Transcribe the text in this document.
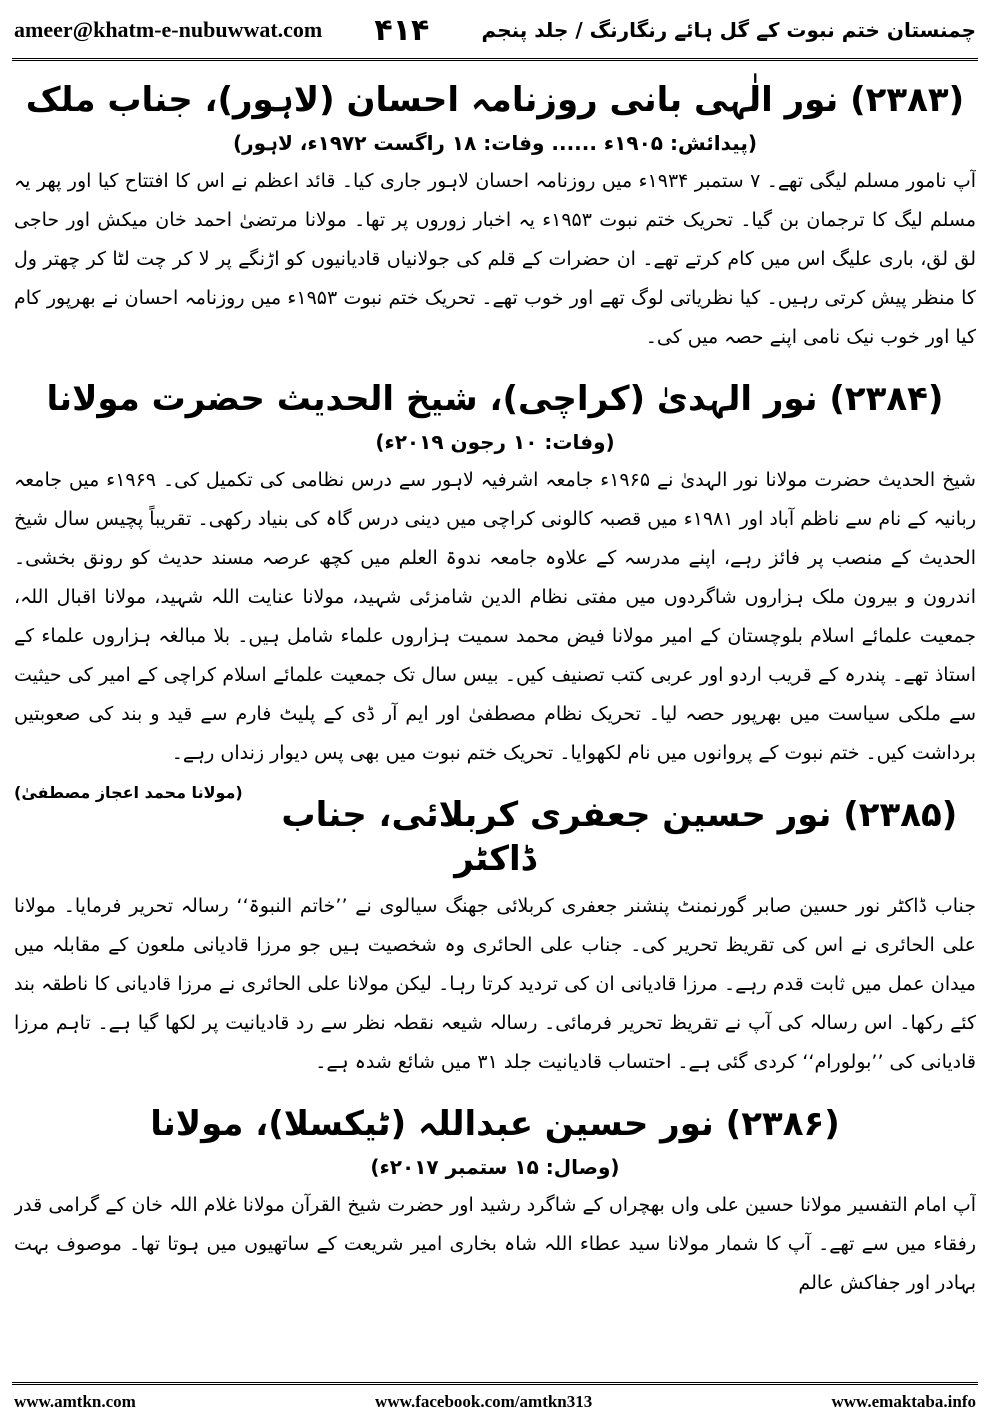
ameer@khatm-e-nubuwwat.com ۴۱۴	چمنستان ختم نبوت کے گل ہائے رنگارنگ / جلد پنجم
(۲۳۸۳) نور الٰہی بانی روزنامہ احسان (لاہور)، جناب ملک
(پیدائش: ۱۹۰۵ء ...... وفات: ۱۸ راگست ۱۹۷۲ء، لاہور)

آپ نامور مسلم لیگی تھے۔ ۷ ستمبر ۱۹۳۴ء میں روزنامہ احسان لاہور جاری کیا۔ قائد اعظم نے اس کا افتتاح کیا اور پھر یہ مسلم لیگ کا ترجمان بن گیا۔ تحریک ختم نبوت ۱۹۵۳ء یہ اخبار زوروں پر تھا۔ مولانا مرتضیٰ احمد خان میکش اور حاجی لق لق، باری علیگ اس میں کام کرتے تھے۔ ان حضرات کے قلم کی جولانیاں قادیانیوں کو اڑنگے پر لا کر چت لٹا کر چھتر ول کا منظر پیش کرتی رہیں۔ کیا نظریاتی لوگ تھے اور خوب تھے۔ تحریک ختم نبوت ۱۹۵۳ء میں روزنامہ احسان نے بھرپور کام کیا اور خوب نیک نامی اپنے حصہ میں کی۔

(۲۳۸۴) نور الہدیٰ (کراچی)، شیخ الحدیث حضرت مولانا
(وفات: ۱۰ رجون ۲۰۱۹ء)

شیخ الحدیث حضرت مولانا نور الہدیٰ نے ۱۹۶۵ء جامعہ اشرفیہ لاہور سے درس نظامی کی تکمیل کی۔ ۱۹۶۹ء میں جامعہ ربانیہ کے نام سے ناظم آباد اور ۱۹۸۱ء میں قصبہ کالونی کراچی میں دینی درس گاہ کی بنیاد رکھی۔ تقریباً پچیس سال شیخ الحدیث کے منصب پر فائز رہے، اپنے مدرسہ کے علاوہ جامعہ ندوۃ العلم میں کچھ عرصہ مسند حدیث کو رونق بخشی۔ اندرون و بیرون ملک ہزاروں شاگردوں میں مفتی نظام الدین شامزئی شہید، مولانا عنایت اللہ شہید، مولانا اقبال اللہ، جمعیت علمائے اسلام بلوچستان کے امیر مولانا فیض محمد سمیت ہزاروں علماء شامل ہیں۔ بلا مبالغہ ہزاروں علماء کے استاذ تھے۔ پندرہ کے قریب اردو اور عربی کتب تصنیف کیں۔ بیس سال تک جمعیت علمائے اسلام کراچی کے امیر کی حیثیت سے ملکی سیاست میں بھرپور حصہ لیا۔ تحریک نظام مصطفیٰ اور ایم آر ڈی کے پلیٹ فارم سے قید و بند کی صعوبتیں برداشت کیں۔ ختم نبوت کے پروانوں میں نام لکھوایا۔ تحریک ختم نبوت میں بھی پس دیوار زنداں رہے۔
(مولانا محمد اعجاز مصطفیٰ)

(۲۳۸۵) نور حسین جعفری کربلائی، جناب ڈاکٹر

جناب ڈاکٹر نور حسین صابر گورنمنٹ پنشنر جعفری کربلائی جھنگ سیالوی نے ’’خاتم النبوۃ‘‘ رسالہ تحریر فرمایا۔ مولانا علی الحائری نے اس کی تقریظ تحریر کی۔ جناب علی الحائری وہ شخصیت ہیں جو مرزا قادیانی ملعون کے مقابلہ میں میدان عمل میں ثابت قدم رہے۔ مرزا قادیانی ان کی تردید کرتا رہا۔ لیکن مولانا علی الحائری نے مرزا قادیانی کا ناطقہ بند کئے رکھا۔ اس رسالہ کی آپ نے تقریظ تحریر فرمائی۔ رسالہ شیعہ نقطہ نظر سے رد قادیانیت پر لکھا گیا ہے۔ تاہم مرزا قادیانی کی ’’بولورام‘‘ کردی گئی ہے۔ احتساب قادیانیت جلد ۳۱ میں شائع شدہ ہے۔

(۲۳۸۶) نور حسین عبداللہ (ٹیکسلا)، مولانا
(وصال: ۱۵ ستمبر ۲۰۱۷ء)

آپ امام التفسیر مولانا حسین علی واں بھچراں کے شاگرد رشید اور حضرت شیخ القرآن مولانا غلام اللہ خان کے گرامی قدر رفقاء میں سے تھے۔ آپ کا شمار مولانا سید عطاء اللہ شاہ بخاری امیر شریعت کے ساتھیوں میں ہوتا تھا۔ موصوف بہت بہادر اور جفاکش عالم

www.amtkn.com	www.facebook.com/amtkn313	www.emaktaba.info
